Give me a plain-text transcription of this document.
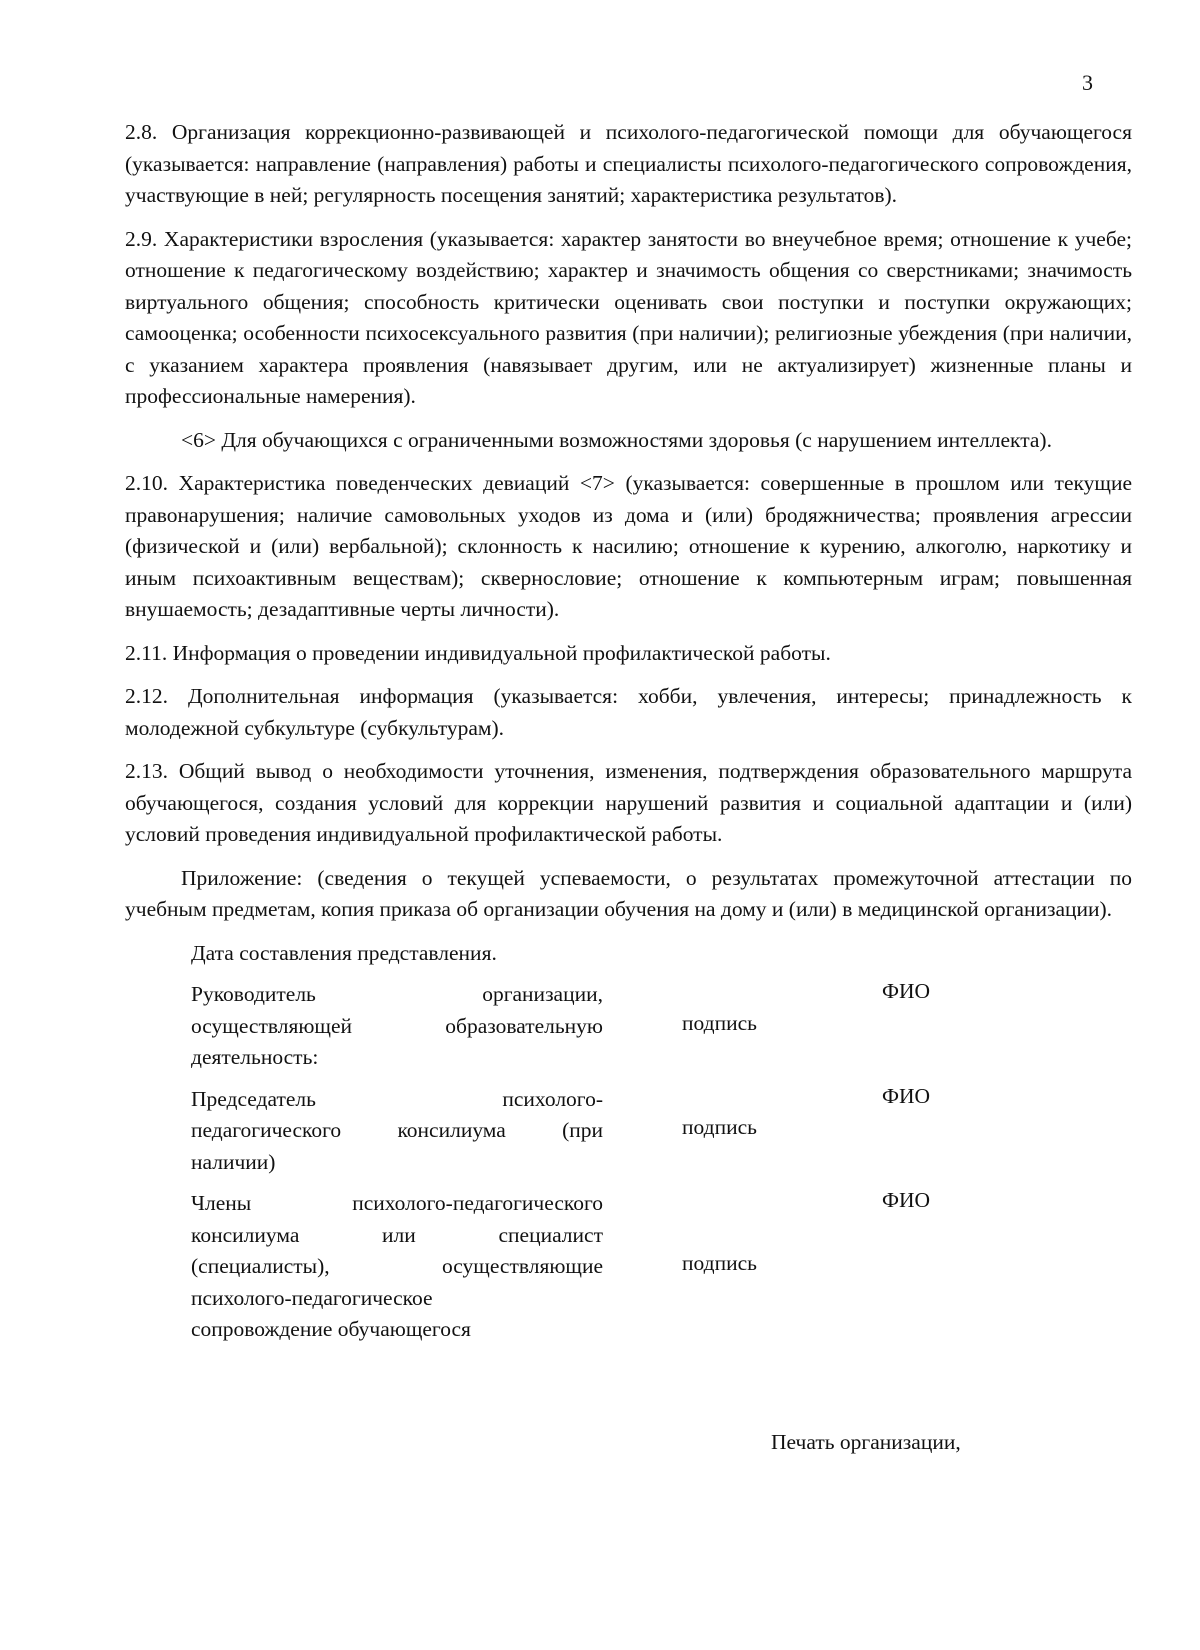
3

2.8. Организация коррекционно-развивающей и психолого-педагогической помощи для обучающегося (указывается: направление (направления) работы и специалисты психолого-педагогического сопровождения, участвующие в ней; регулярность посещения занятий; характеристика результатов).

2.9. Характеристики взросления (указывается: характер занятости во внеучебное время; отношение к учебе; отношение к педагогическому воздействию; характер и значимость общения со сверстниками; значимость виртуального общения; способность критически оценивать свои поступки и поступки окружающих; самооценка; особенности психосексуального развития (при наличии); религиозные убеждения (при наличии, с указанием характера проявления (навязывает другим, или не актуализирует) жизненные планы и профессиональные намерения).

<6> Для обучающихся с ограниченными возможностями здоровья (с нарушением интеллекта).

2.10. Характеристика поведенческих девиаций <7> (указывается: совершенные в прошлом или текущие правонарушения; наличие самовольных уходов из дома и (или) бродяжничества; проявления агрессии (физической и (или) вербальной); склонность к насилию; отношение к курению, алкоголю, наркотику и иным психоактивным веществам); сквернословие; отношение к компьютерным играм; повышенная внушаемость; дезадаптивные черты личности).

2.11. Информация о проведении индивидуальной профилактической работы.

2.12. Дополнительная информация (указывается: хобби, увлечения, интересы; принадлежность к молодежной субкультуре (субкультурам).

2.13. Общий вывод о необходимости уточнения, изменения, подтверждения образовательного маршрута обучающегося, создания условий для коррекции нарушений развития и социальной адаптации и (или) условий проведения индивидуальной профилактической работы.

Приложение: (сведения о текущей успеваемости, о результатах промежуточной аттестации по учебным предметам, копия приказа об организации обучения на дому и (или) в медицинской организации).

Дата составления представления.
Руководитель организации,
осуществляющей образовательную
деятельность:
подпись
ФИО
Председатель психолого-
педагогического консилиума (при
наличии)
подпись
ФИО
Члены психолого-педагогического
консилиума или специалист
(специалисты), осуществляющие
психолого-педагогическое
сопровождение обучающегося
подпись
ФИО
Печать организации,
